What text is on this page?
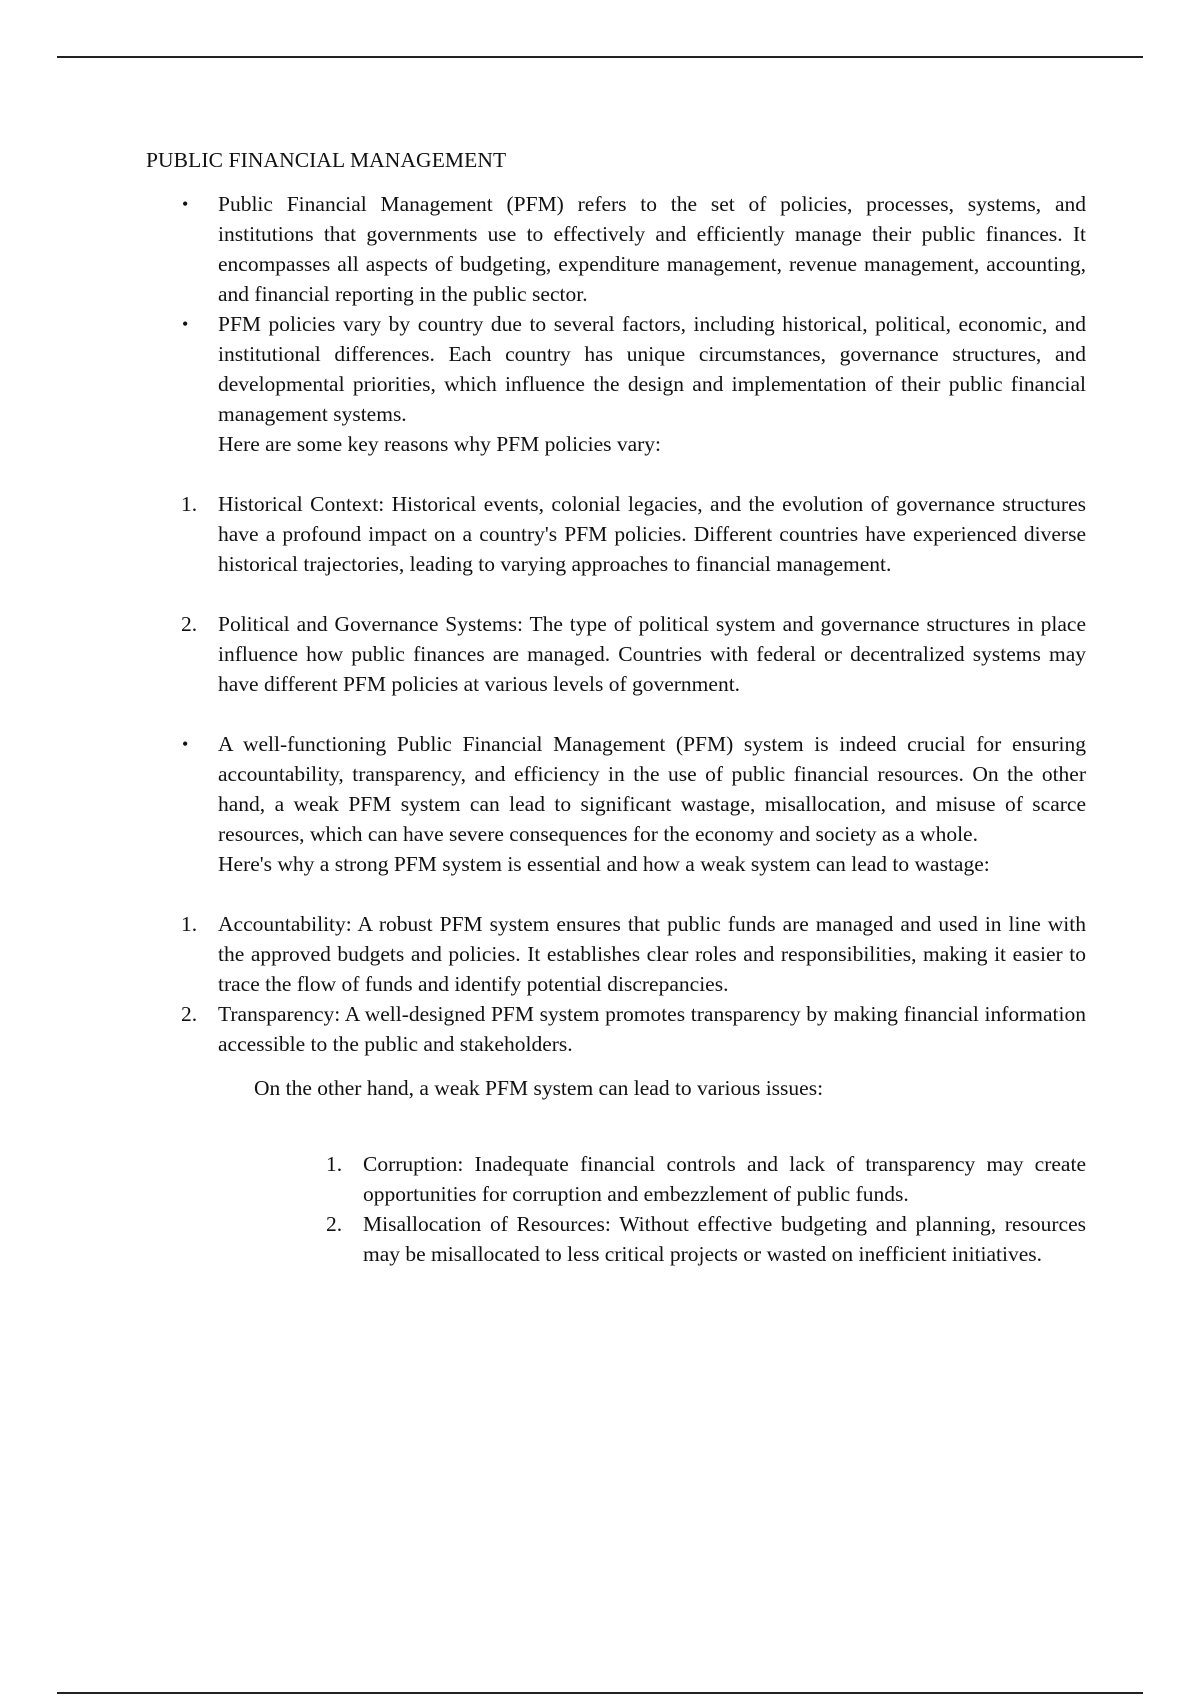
PUBLIC FINANCIAL MANAGEMENT

• Public Financial Management (PFM) refers to the set of policies, processes, systems, and institutions that governments use to effectively and efficiently manage their public finances. It encompasses all aspects of budgeting, expenditure management, revenue management, accounting, and financial reporting in the public sector.

• PFM policies vary by country due to several factors, including historical, political, economic, and institutional differences. Each country has unique circumstances, governance structures, and developmental priorities, which influence the design and implementation of their public financial management systems.

Here are some key reasons why PFM policies vary:

1. Historical Context: Historical events, colonial legacies, and the evolution of governance structures have a profound impact on a country's PFM policies. Different countries have experienced diverse historical trajectories, leading to varying approaches to financial management.
2. Political and Governance Systems: The type of political system and governance structures in place influence how public finances are managed. Countries with federal or decentralized systems may have different PFM policies at various levels of government.
• A well-functioning Public Financial Management (PFM) system is indeed crucial for ensuring accountability, transparency, and efficiency in the use of public financial resources. On the other hand, a weak PFM system can lead to significant wastage, misallocation, and misuse of scarce resources, which can have severe consequences for the economy and society as a whole.

Here's why a strong PFM system is essential and how a weak system can lead to wastage:

1. Accountability: A robust PFM system ensures that public funds are managed and used in line with the approved budgets and policies. It establishes clear roles and responsibilities, making it easier to trace the flow of funds and identify potential discrepancies.
2. Transparency: A well-designed PFM system promotes transparency by making financial information accessible to the public and stakeholders.

On the other hand, a weak PFM system can lead to various issues:

1. Corruption: Inadequate financial controls and lack of transparency may create opportunities for corruption and embezzlement of public funds.
2. Misallocation of Resources: Without effective budgeting and planning, resources may be misallocated to less critical projects or wasted on inefficient initiatives.
